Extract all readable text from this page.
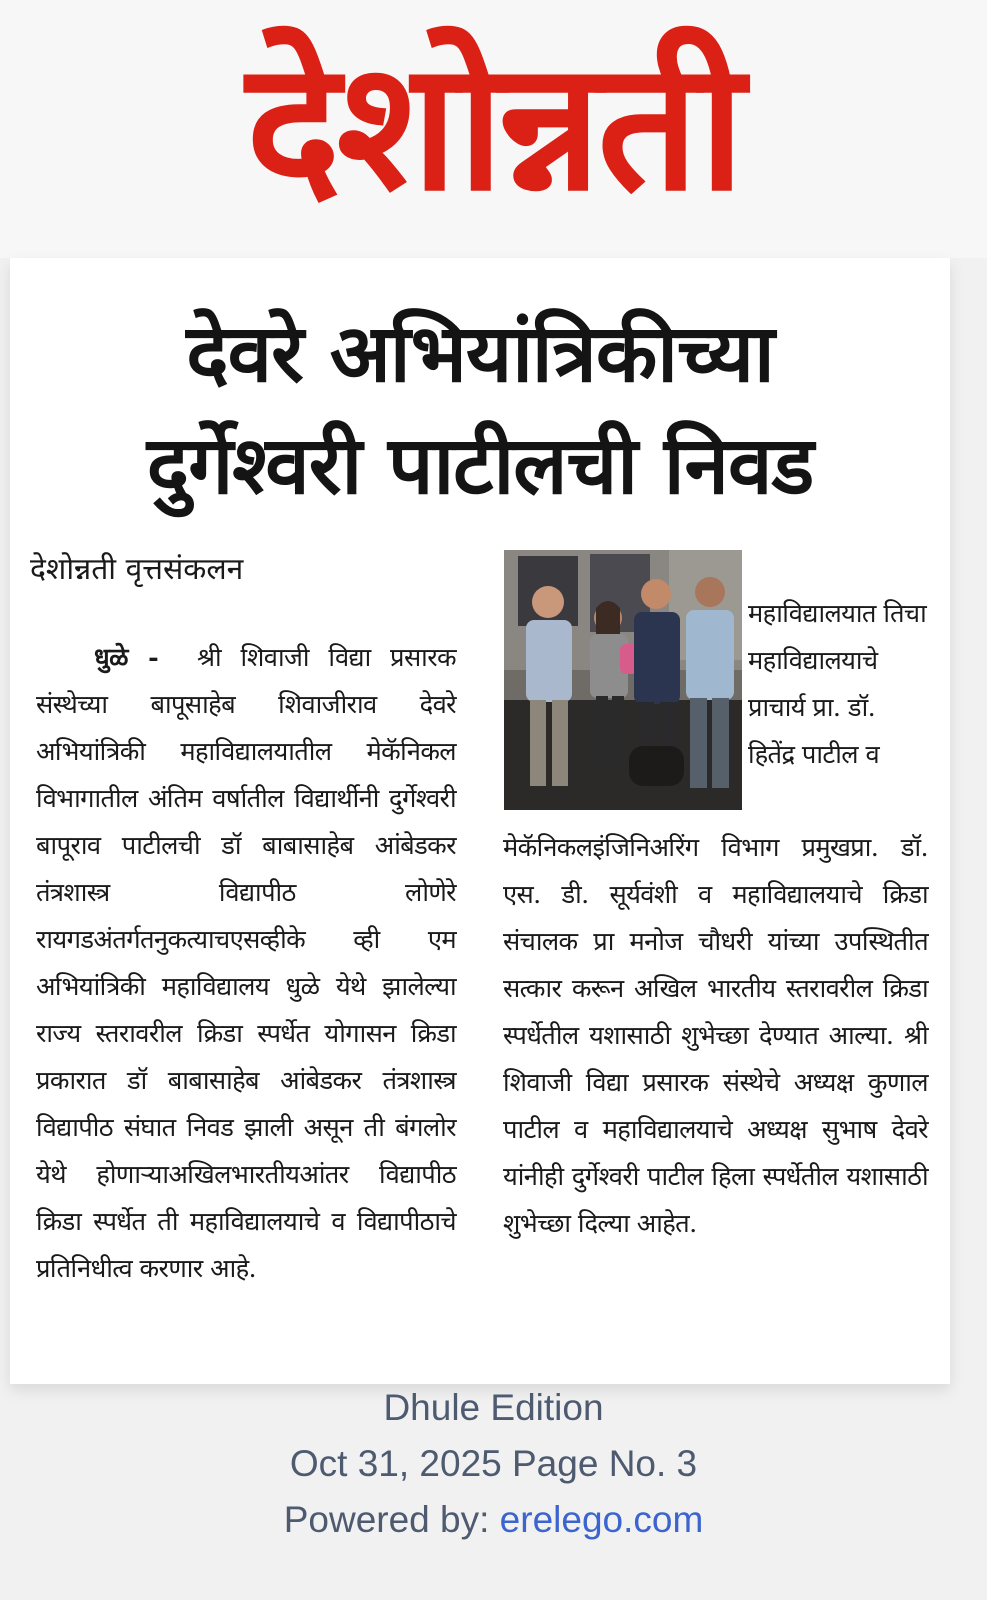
देशोन्नती
देवरे अभियांत्रिकीच्या
दुर्गेश्वरी पाटीलची निवड
देशोन्नती वृत्तसंकलन
धुळे - श्री शिवाजी विद्या प्रसारक संस्थेच्या बापूसाहेब शिवाजीराव देवरे अभियांत्रिकी महाविद्यालयातील मेकॅनिकल विभागातील अंतिम वर्षातील विद्यार्थीनी दुर्गेश्वरी बापूराव पाटीलची डॉ बाबासाहेब आंबेडकर तंत्रशास्त्र विद्यापीठ लोणेरे रायगडअंतर्गतनुकत्याचएसव्हीके व्ही एम अभियांत्रिकी महाविद्यालय धुळे येथे झालेल्या राज्य स्तरावरील क्रिडा स्पर्धेत योगासन क्रिडा प्रकारात डॉ बाबासाहेब आंबेडकर तंत्रशास्त्र विद्यापीठ संघात निवड झाली असून ती बंगलोर येथे होणाऱ्याअखिलभारतीयआंतर विद्यापीठ क्रिडा स्पर्धेत ती महाविद्यालयाचे व विद्यापीठाचे प्रतिनिधीत्व करणार आहे.
महाविद्यालयात तिचा महाविद्यालयाचे प्राचार्य प्रा. डॉ. हितेंद्र पाटील व
मेकॅनिकलइंजिनिअरिंग विभाग प्रमुखप्रा. डॉ. एस. डी. सूर्यवंशी व महाविद्यालयाचे क्रिडा संचालक प्रा मनोज चौधरी यांच्या उपस्थितीत सत्कार करून अखिल भारतीय स्तरावरील क्रिडा स्पर्धेतील यशासाठी शुभेच्छा देण्यात आल्या. श्री शिवाजी विद्या प्रसारक संस्थेचे अध्यक्ष कुणाल पाटील व महाविद्यालयाचे अध्यक्ष सुभाष देवरे यांनीही दुर्गेश्वरी पाटील हिला स्पर्धेतील यशासाठी शुभेच्छा दिल्या आहेत.
Dhule Edition
Oct 31, 2025 Page No. 3
Powered by: erelego.com
